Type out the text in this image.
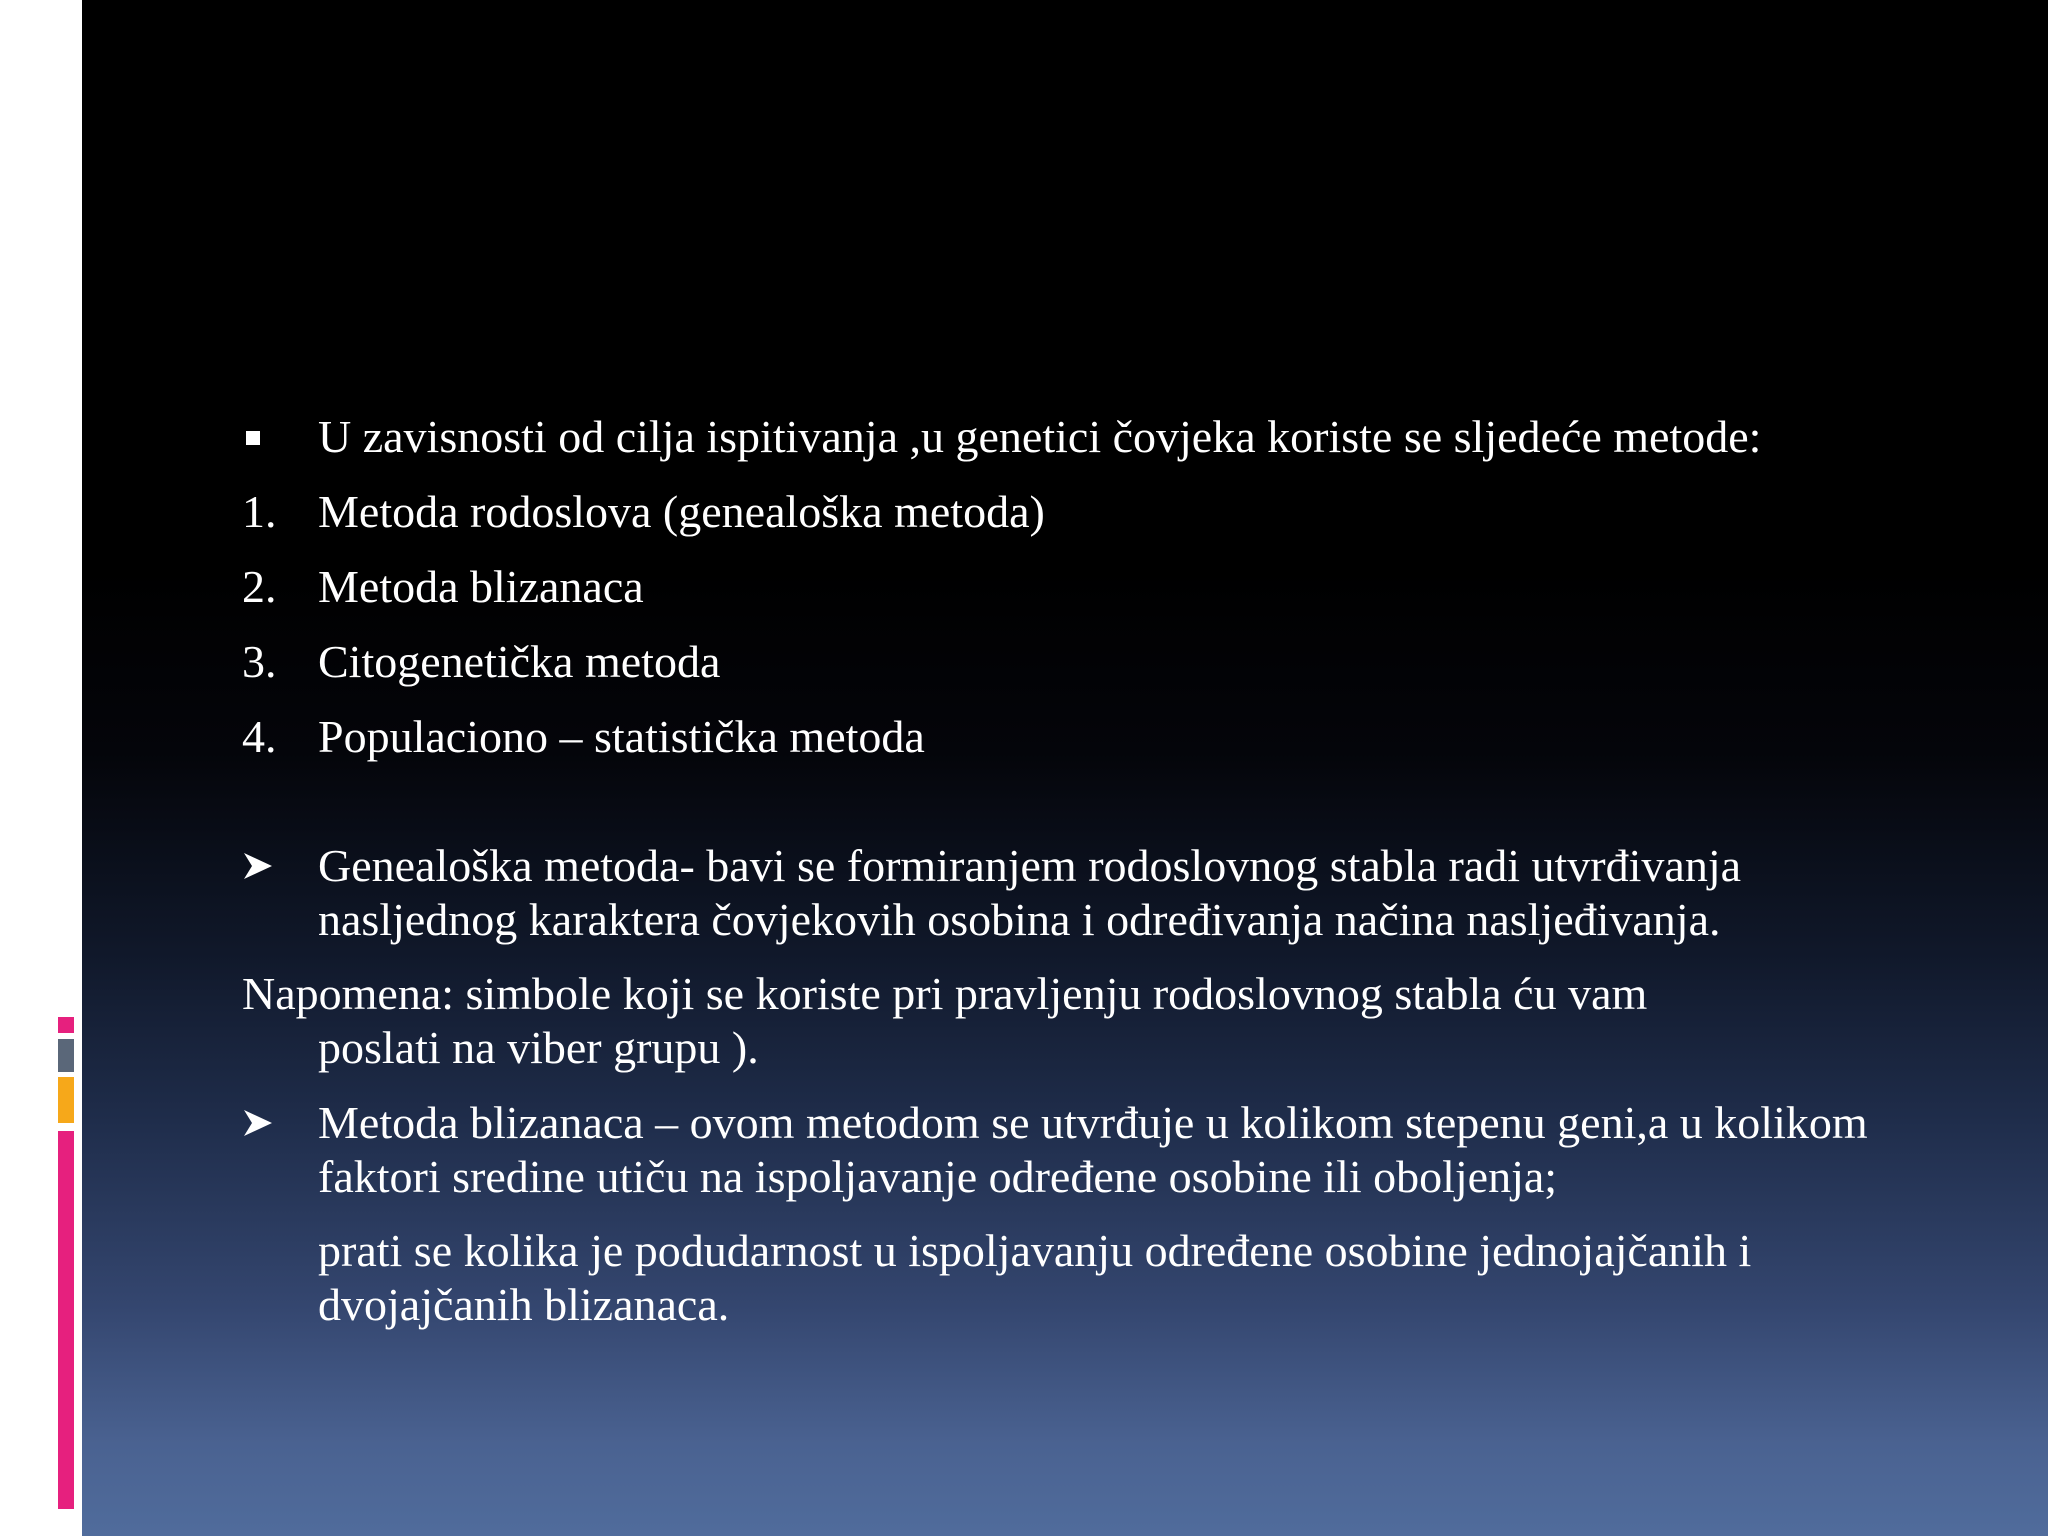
U zavisnosti od cilja ispitivanja ,u genetici čovjeka koriste se sljedeće metode:
1. Metoda rodoslova (genealoška metoda)
2. Metoda blizanaca
3. Citogenetička metoda
4. Populaciono – statistička metoda
Genealoška metoda- bavi se formiranjem rodoslovnog stabla radi utvrđivanja nasljednog karaktera čovjekovih osobina i određivanja načina nasljeđivanja.
Napomena: simbole koji se koriste pri pravljenju rodoslovnog stabla ću vam
poslati na viber grupu ).
Metoda blizanaca – ovom metodom se utvrđuje u kolikom stepenu geni,a u kolikom faktori sredine utiču na ispoljavanje određene osobine ili oboljenja;
prati se kolika je podudarnost u ispoljavanju određene osobine jednojajčanih i dvojajčanih blizanaca.
